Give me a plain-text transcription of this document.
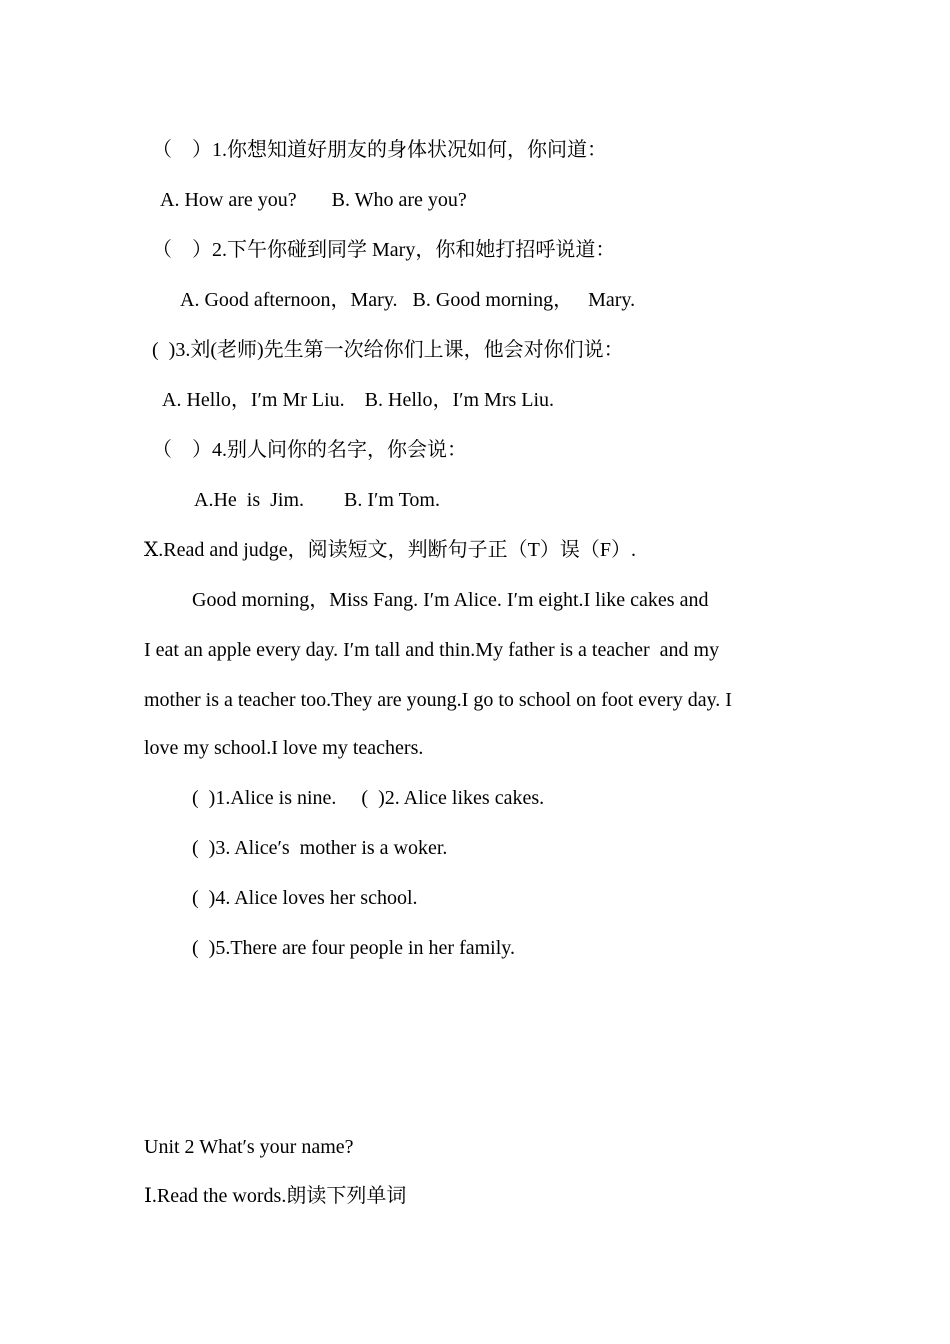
（    ）1.你想知道好朋友的身体状况如何，你问道：
A. How are you?       B. Who are you?
（    ）2.下午你碰到同学 Mary，你和她打招呼说道：
A. Good afternoon，Mary.   B. Good morning，   Mary.
(  )3.刘(老师)先生第一次给你们上课，他会对你们说：
A. Hello，I′m Mr Liu.    B. Hello，I′m Mrs Liu.
（    ）4.别人问你的名字，你会说：
A.He  is  Jim.        B. I′m Tom.
Ⅹ.Read and judge，阅读短文，判断句子正（T）误（F）.
Good morning，Miss Fang. I′m Alice. I′m eight.I like cakes and
I eat an apple every day. I′m tall and thin.My father is a teacher  and my
mother is a teacher too.They are young.I go to school on foot every day. I
love my school.I love my teachers.
(  )1.Alice is nine.     (  )2. Alice likes cakes.
(  )3. Alice′s  mother is a woker.
(  )4. Alice loves her school.
(  )5.There are four people in her family.
Unit 2 What′s your name?
Ⅰ.Read the words.朗读下列单词
